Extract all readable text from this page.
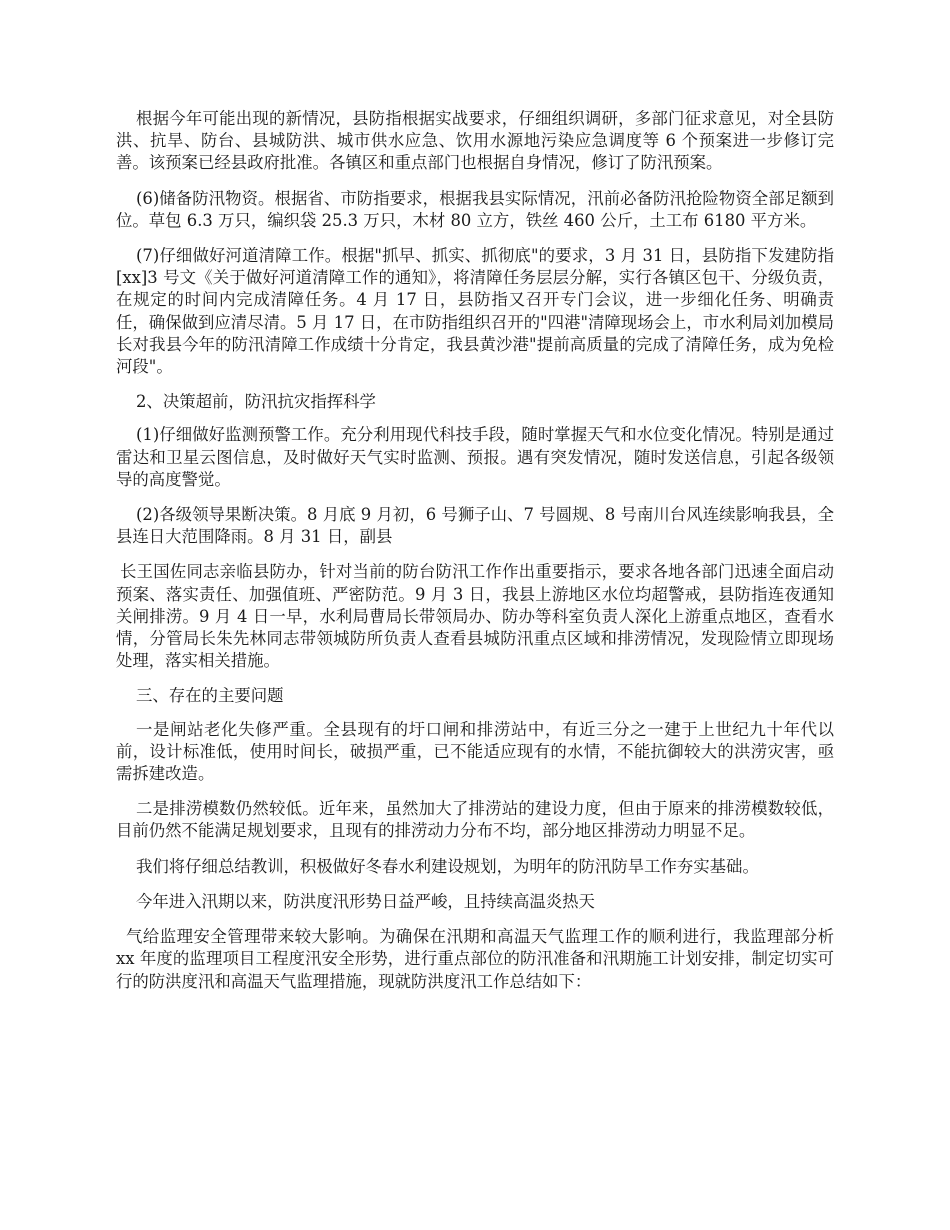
根据今年可能出现的新情况，县防指根据实战要求，仔细组织调研，多部门征求意见，对全县防洪、抗旱、防台、县城防洪、城市供水应急、饮用水源地污染应急调度等 6 个预案进一步修订完善。该预案已经县政府批准。各镇区和重点部门也根据自身情况，修订了防汛预案。

(6)储备防汛物资。根据省、市防指要求，根据我县实际情况，汛前必备防汛抢险物资全部足额到位。草包 6.3 万只，编织袋 25.3 万只，木材 80 立方，铁丝 460 公斤，土工布 6180 平方米。

(7)仔细做好河道清障工作。根据"抓早、抓实、抓彻底"的要求，3 月 31 日，县防指下发建防指[xx]3 号文《关于做好河道清障工作的通知》，将清障任务层层分解，实行各镇区包干、分级负责，在规定的时间内完成清障任务。4 月 17 日，县防指又召开专门会议，进一步细化任务、明确责任，确保做到应清尽清。5 月 17 日，在市防指组织召开的"四港"清障现场会上，市水利局刘加模局长对我县今年的防汛清障工作成绩十分肯定，我县黄沙港"提前高质量的完成了清障任务，成为免检河段"。

2、决策超前，防汛抗灾指挥科学

(1)仔细做好监测预警工作。充分利用现代科技手段，随时掌握天气和水位变化情况。特别是通过雷达和卫星云图信息，及时做好天气实时监测、预报。遇有突发情况，随时发送信息，引起各级领导的高度警觉。

(2)各级领导果断决策。8 月底 9 月初，6 号狮子山、7 号圆规、8 号南川台风连续影响我县，全县连日大范围降雨。8 月 31 日，副县

长王国佐同志亲临县防办，针对当前的防台防汛工作作出重要指示，要求各地各部门迅速全面启动预案、落实责任、加强值班、严密防范。9 月 3 日，我县上游地区水位均超警戒，县防指连夜通知关闸排涝。9 月 4 日一早，水利局曹局长带领局办、防办等科室负责人深化上游重点地区，查看水情，分管局长朱先林同志带领城防所负责人查看县城防汛重点区域和排涝情况，发现险情立即现场处理，落实相关措施。

三、存在的主要问题

一是闸站老化失修严重。全县现有的圩口闸和排涝站中，有近三分之一建于上世纪九十年代以前，设计标准低，使用时间长，破损严重，已不能适应现有的水情，不能抗御较大的洪涝灾害，亟需拆建改造。

二是排涝模数仍然较低。近年来，虽然加大了排涝站的建设力度，但由于原来的排涝模数较低，目前仍然不能满足规划要求，且现有的排涝动力分布不均，部分地区排涝动力明显不足。

我们将仔细总结教训，积极做好冬春水利建设规划，为明年的防汛防旱工作夯实基础。

今年进入汛期以来，防洪度汛形势日益严峻，且持续高温炎热天

气给监理安全管理带来较大影响。为确保在汛期和高温天气监理工作的顺利进行，我监理部分析 xx 年度的监理项目工程度汛安全形势，进行重点部位的防汛准备和汛期施工计划安排，制定切实可行的防洪度汛和高温天气监理措施，现就防洪度汛工作总结如下：
